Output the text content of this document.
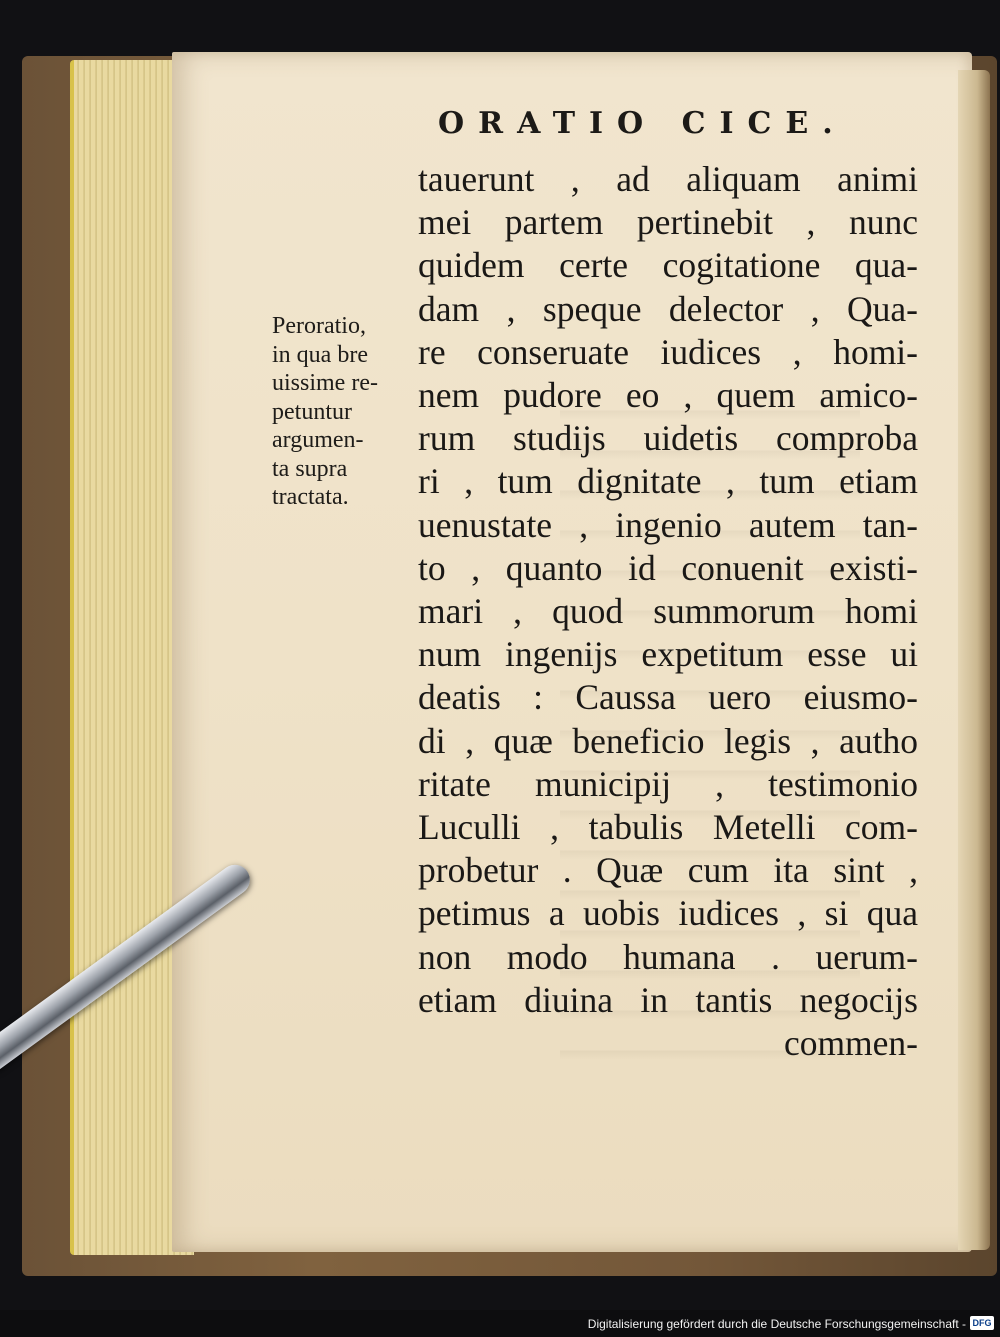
ORATIO CICE.
Peroratio,
in qua bre
uissime re-
petuntur
argumen-
ta supra
tractata.
tauerunt , ad aliquam animi
mei partem pertinebit , nunc
quidem certe cogitatione qua-
dam , speque delector , Qua-
re conseruate iudices , homi-
nem pudore eo , quem amico-
rum studijs uidetis comproba
ri , tum dignitate , tum etiam
uenustate , ingenio autem tan-
to , quanto id conuenit existi-
mari , quod summorum homi
num ingenijs expetitum esse ui
deatis : Caussa uero eiusmo-
di , quæ beneficio legis , autho
ritate municipij , testimonio
Luculli , tabulis Metelli com-
probetur . Quæ cum ita sint ,
petimus a uobis iudices , si qua
non modo humana . uerum-
etiam diuina in tantis negocijs
commen-
Digitalisierung gefördert durch die Deutsche Forschungsgemeinschaft - DFG
